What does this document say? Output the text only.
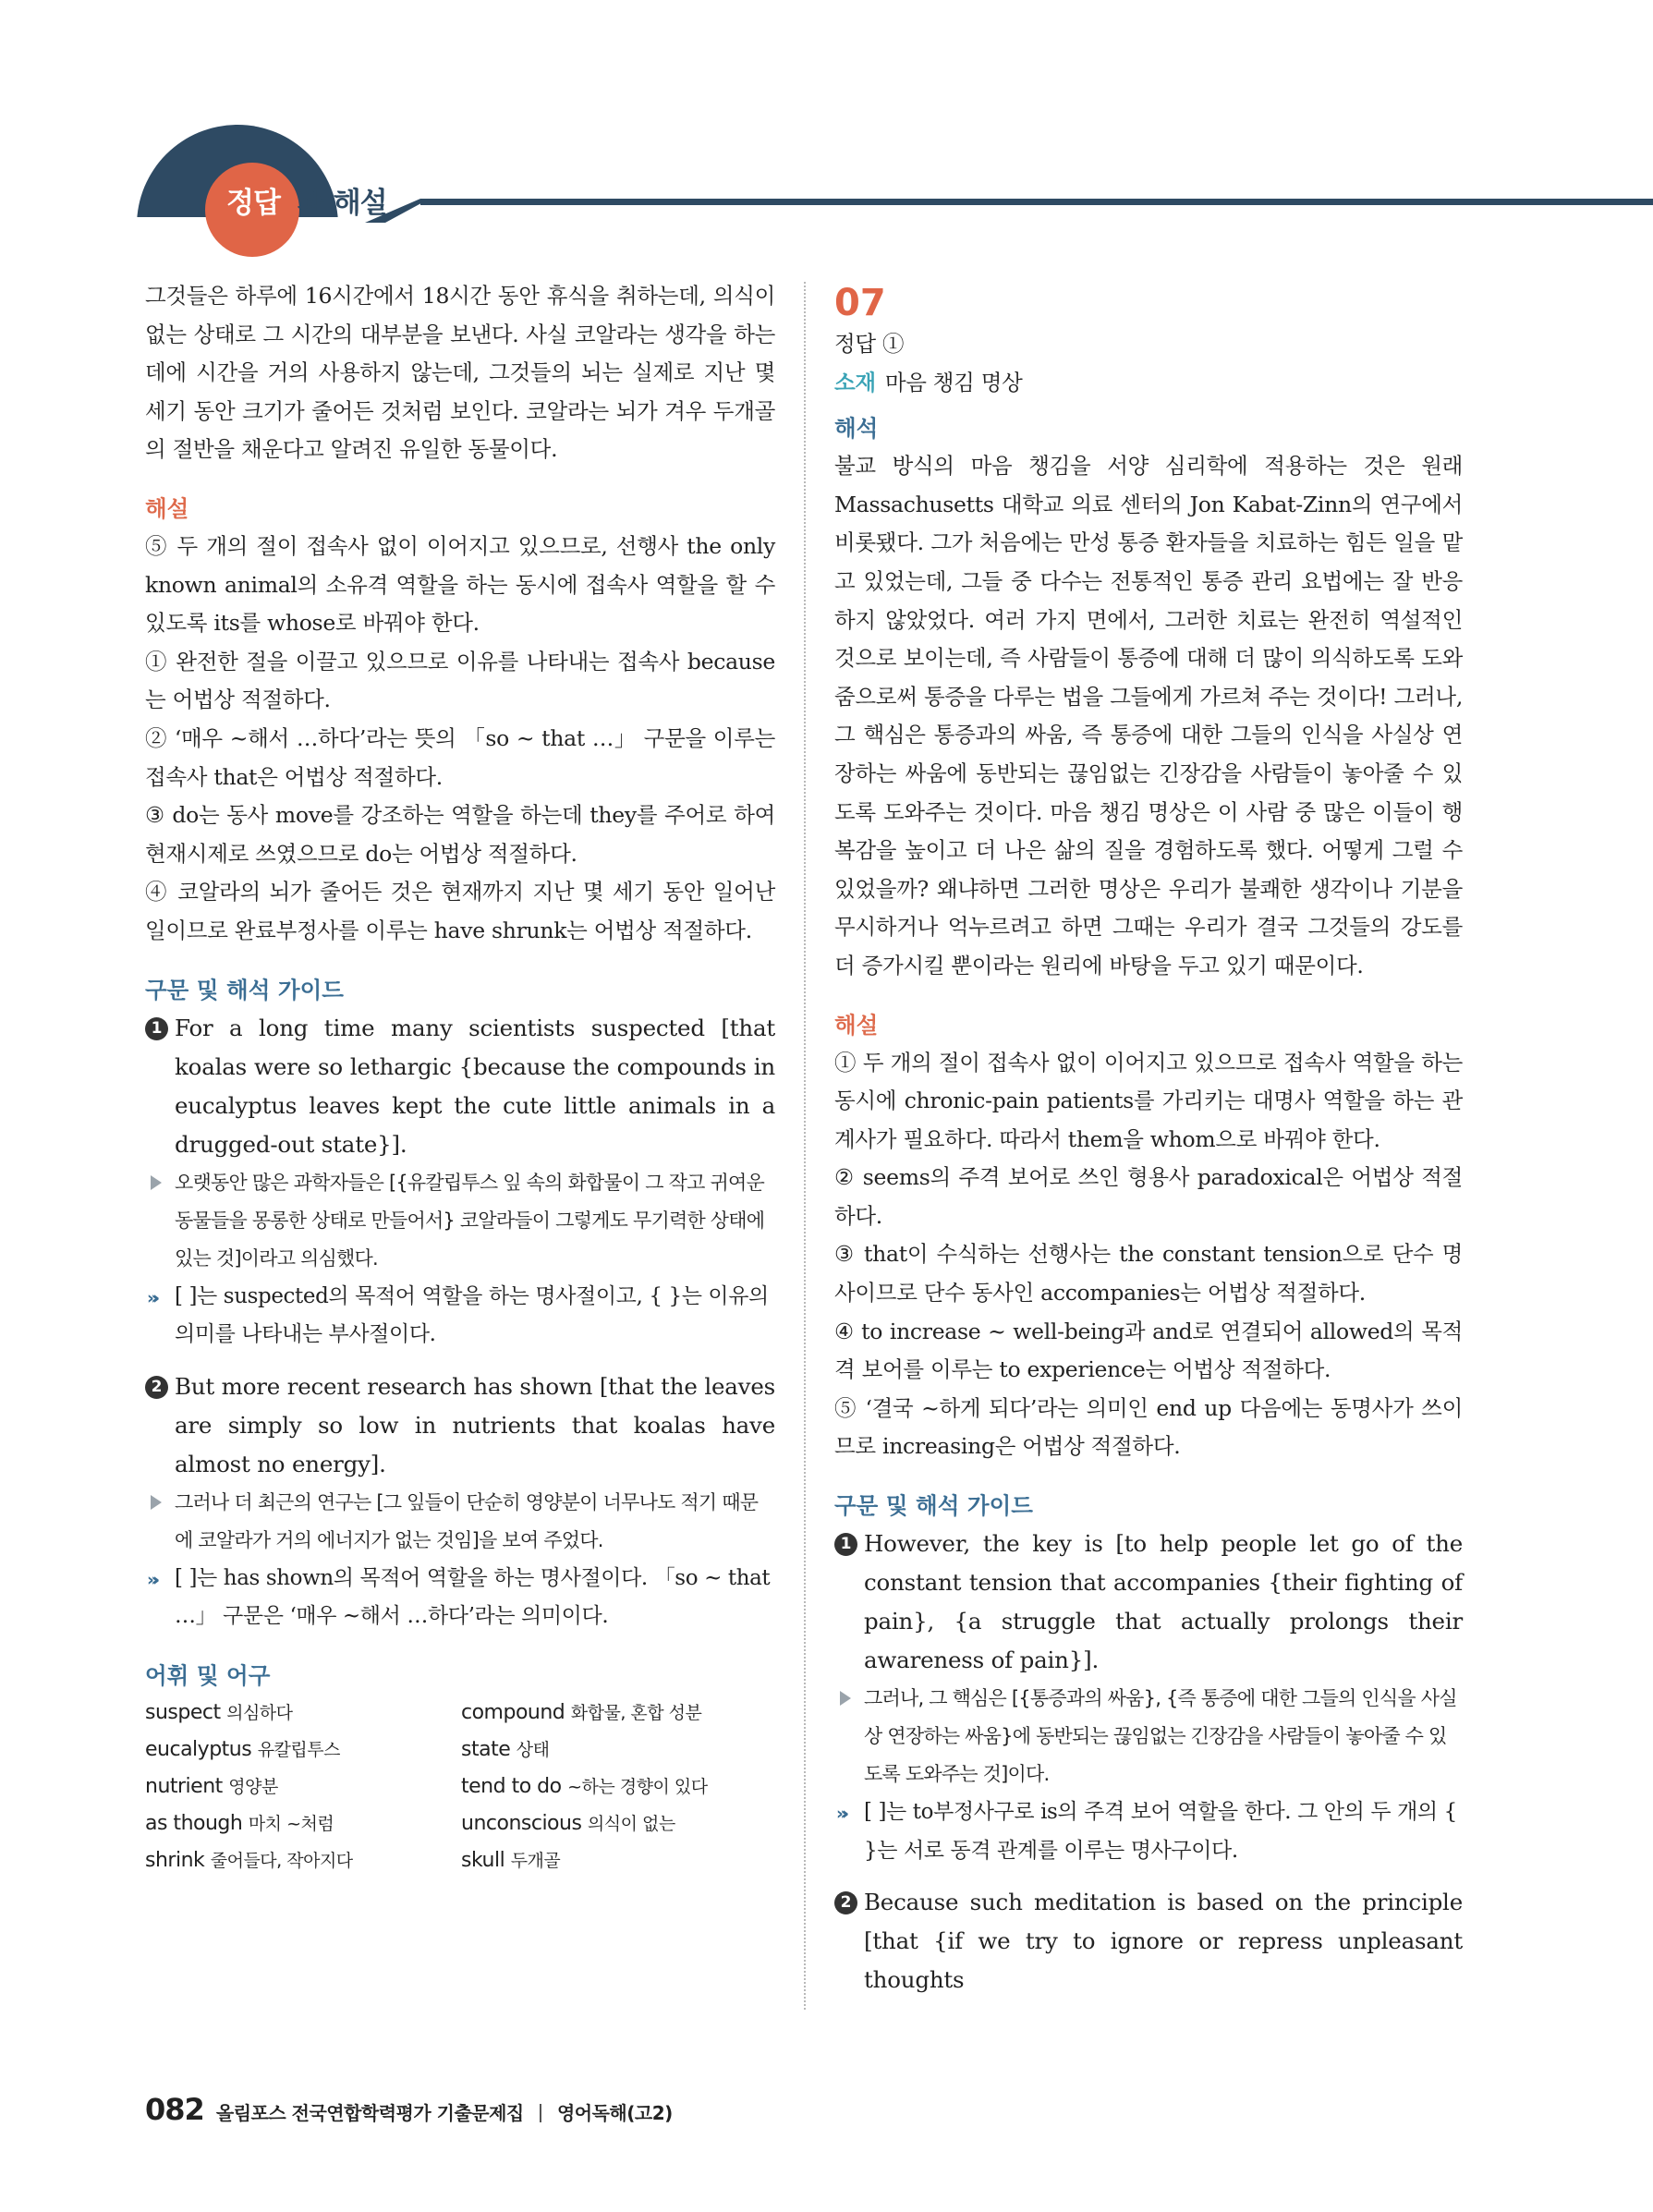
정답 과 해설

그것들은 하루에 16시간에서 18시간 동안 휴식을 취하는데, 의식이 없는 상태로 그 시간의 대부분을 보낸다. 사실 코알라는 생각을 하는 데에 시간을 거의 사용하지 않는데, 그것들의 뇌는 실제로 지난 몇 세기 동안 크기가 줄어든 것처럼 보인다. 코알라는 뇌가 겨우 두개골의 절반을 채운다고 알려진 유일한 동물이다.

해설

⑤ 두 개의 절이 접속사 없이 이어지고 있으므로, 선행사 the only known animal의 소유격 역할을 하는 동시에 접속사 역할을 할 수 있도록 its를 whose로 바꿔야 한다.

① 완전한 절을 이끌고 있으므로 이유를 나타내는 접속사 because는 어법상 적절하다.

② ‘매우 ~해서 …하다’라는 뜻의 「so ~ that …」 구문을 이루는 접속사 that은 어법상 적절하다.

③ do는 동사 move를 강조하는 역할을 하는데 they를 주어로 하여 현재시제로 쓰였으므로 do는 어법상 적절하다.

④ 코알라의 뇌가 줄어든 것은 현재까지 지난 몇 세기 동안 일어난 일이므로 완료부정사를 이루는 have shrunk는 어법상 적절하다.

구문 및 해석 가이드
1 For a long time many scientists suspected [that koalas were so lethargic {because the compounds in eucalyptus leaves kept the cute little animals in a drugged-out state}].

오랫동안 많은 과학자들은 [{유칼립투스 잎 속의 화합물이 그 작고 귀여운 동물들을 몽롱한 상태로 만들어서} 코알라들이 그렇게도 무기력한 상태에 있는 것]이라고 의심했다.

»› [ ]는 suspected의 목적어 역할을 하는 명사절이고, { }는 이유의 의미를 나타내는 부사절이다.

2 But more recent research has shown [that the leaves are simply so low in nutrients that koalas have almost no energy].

그러나 더 최근의 연구는 [그 잎들이 단순히 영양분이 너무나도 적기 때문에 코알라가 거의 에너지가 없는 것임]을 보여 주었다.

»› [ ]는 has shown의 목적어 역할을 하는 명사절이다. 「so ~ that …」 구문은 ‘매우 ~해서 …하다’라는 의미이다.

어휘 및 어구
suspect 의심하다	compound 화합물, 혼합 성분
eucalyptus 유칼립투스	state 상태
nutrient 영양분	tend to do ~하는 경향이 있다
as though 마치 ~처럼	unconscious 의식이 없는
shrink 줄어들다, 작아지다	skull 두개골
07

정답 ①

소재 마음 챙김 명상

해석

불교 방식의 마음 챙김을 서양 심리학에 적용하는 것은 원래 Massachusetts 대학교 의료 센터의 Jon Kabat-Zinn의 연구에서 비롯됐다. 그가 처음에는 만성 통증 환자들을 치료하는 힘든 일을 맡고 있었는데, 그들 중 다수는 전통적인 통증 관리 요법에는 잘 반응하지 않았었다. 여러 가지 면에서, 그러한 치료는 완전히 역설적인 것으로 보이는데, 즉 사람들이 통증에 대해 더 많이 의식하도록 도와줌으로써 통증을 다루는 법을 그들에게 가르쳐 주는 것이다! 그러나, 그 핵심은 통증과의 싸움, 즉 통증에 대한 그들의 인식을 사실상 연장하는 싸움에 동반되는 끊임없는 긴장감을 사람들이 놓아줄 수 있도록 도와주는 것이다. 마음 챙김 명상은 이 사람 중 많은 이들이 행복감을 높이고 더 나은 삶의 질을 경험하도록 했다. 어떻게 그럴 수 있었을까? 왜냐하면 그러한 명상은 우리가 불쾌한 생각이나 기분을 무시하거나 억누르려고 하면 그때는 우리가 결국 그것들의 강도를 더 증가시킬 뿐이라는 원리에 바탕을 두고 있기 때문이다.

해설

① 두 개의 절이 접속사 없이 이어지고 있으므로 접속사 역할을 하는 동시에 chronic-pain patients를 가리키는 대명사 역할을 하는 관계사가 필요하다. 따라서 them을 whom으로 바꿔야 한다.

② seems의 주격 보어로 쓰인 형용사 paradoxical은 어법상 적절하다.

③ that이 수식하는 선행사는 the constant tension으로 단수 명사이므로 단수 동사인 accompanies는 어법상 적절하다.

④ to increase ~ well-being과 and로 연결되어 allowed의 목적격 보어를 이루는 to experience는 어법상 적절하다.

⑤ ‘결국 ~하게 되다’라는 의미인 end up 다음에는 동명사가 쓰이므로 increasing은 어법상 적절하다.

구문 및 해석 가이드
1 However, the key is [to help people let go of the constant tension that accompanies {their fighting of pain}, {a struggle that actually prolongs their awareness of pain}].

그러나, 그 핵심은 [{통증과의 싸움}, {즉 통증에 대한 그들의 인식을 사실상 연장하는 싸움}에 동반되는 끊임없는 긴장감을 사람들이 놓아줄 수 있도록 도와주는 것]이다.

»› [ ]는 to부정사구로 is의 주격 보어 역할을 한다. 그 안의 두 개의 { }는 서로 동격 관계를 이루는 명사구이다.

2 Because such meditation is based on the principle [that {if we try to ignore or repress unpleasant thoughts

082 올림포스 전국연합학력평가 기출문제집 영어독해(고2)
